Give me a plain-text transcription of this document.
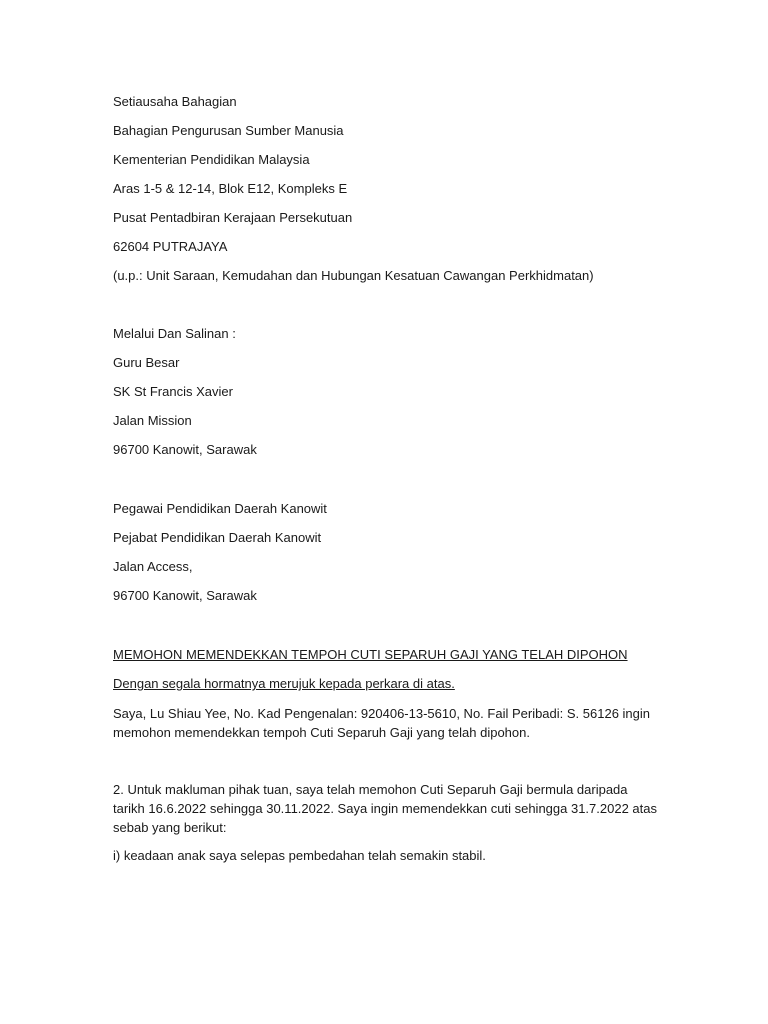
Setiausaha Bahagian
Bahagian Pengurusan Sumber Manusia
Kementerian Pendidikan Malaysia
Aras 1-5 & 12-14, Blok E12, Kompleks E
Pusat Pentadbiran Kerajaan Persekutuan
62604 PUTRAJAYA
(u.p.: Unit Saraan, Kemudahan dan Hubungan Kesatuan Cawangan Perkhidmatan)
Melalui Dan Salinan :
Guru Besar
SK St Francis Xavier
Jalan Mission
96700 Kanowit, Sarawak
Pegawai Pendidikan Daerah Kanowit
Pejabat Pendidikan Daerah Kanowit
Jalan Access,
96700 Kanowit, Sarawak
MEMOHON MEMENDEKKAN TEMPOH CUTI SEPARUH GAJI YANG TELAH DIPOHON
Dengan segala hormatnya merujuk kepada perkara di atas.
Saya, Lu Shiau Yee, No. Kad Pengenalan: 920406-13-5610, No. Fail Peribadi: S. 56126 ingin memohon memendekkan tempoh Cuti Separuh Gaji yang telah dipohon.
2. Untuk makluman pihak tuan, saya telah memohon Cuti Separuh Gaji bermula daripada tarikh 16.6.2022 sehingga 30.11.2022. Saya ingin memendekkan cuti sehingga 31.7.2022 atas sebab yang berikut:
i) keadaan anak saya selepas pembedahan telah semakin stabil.
